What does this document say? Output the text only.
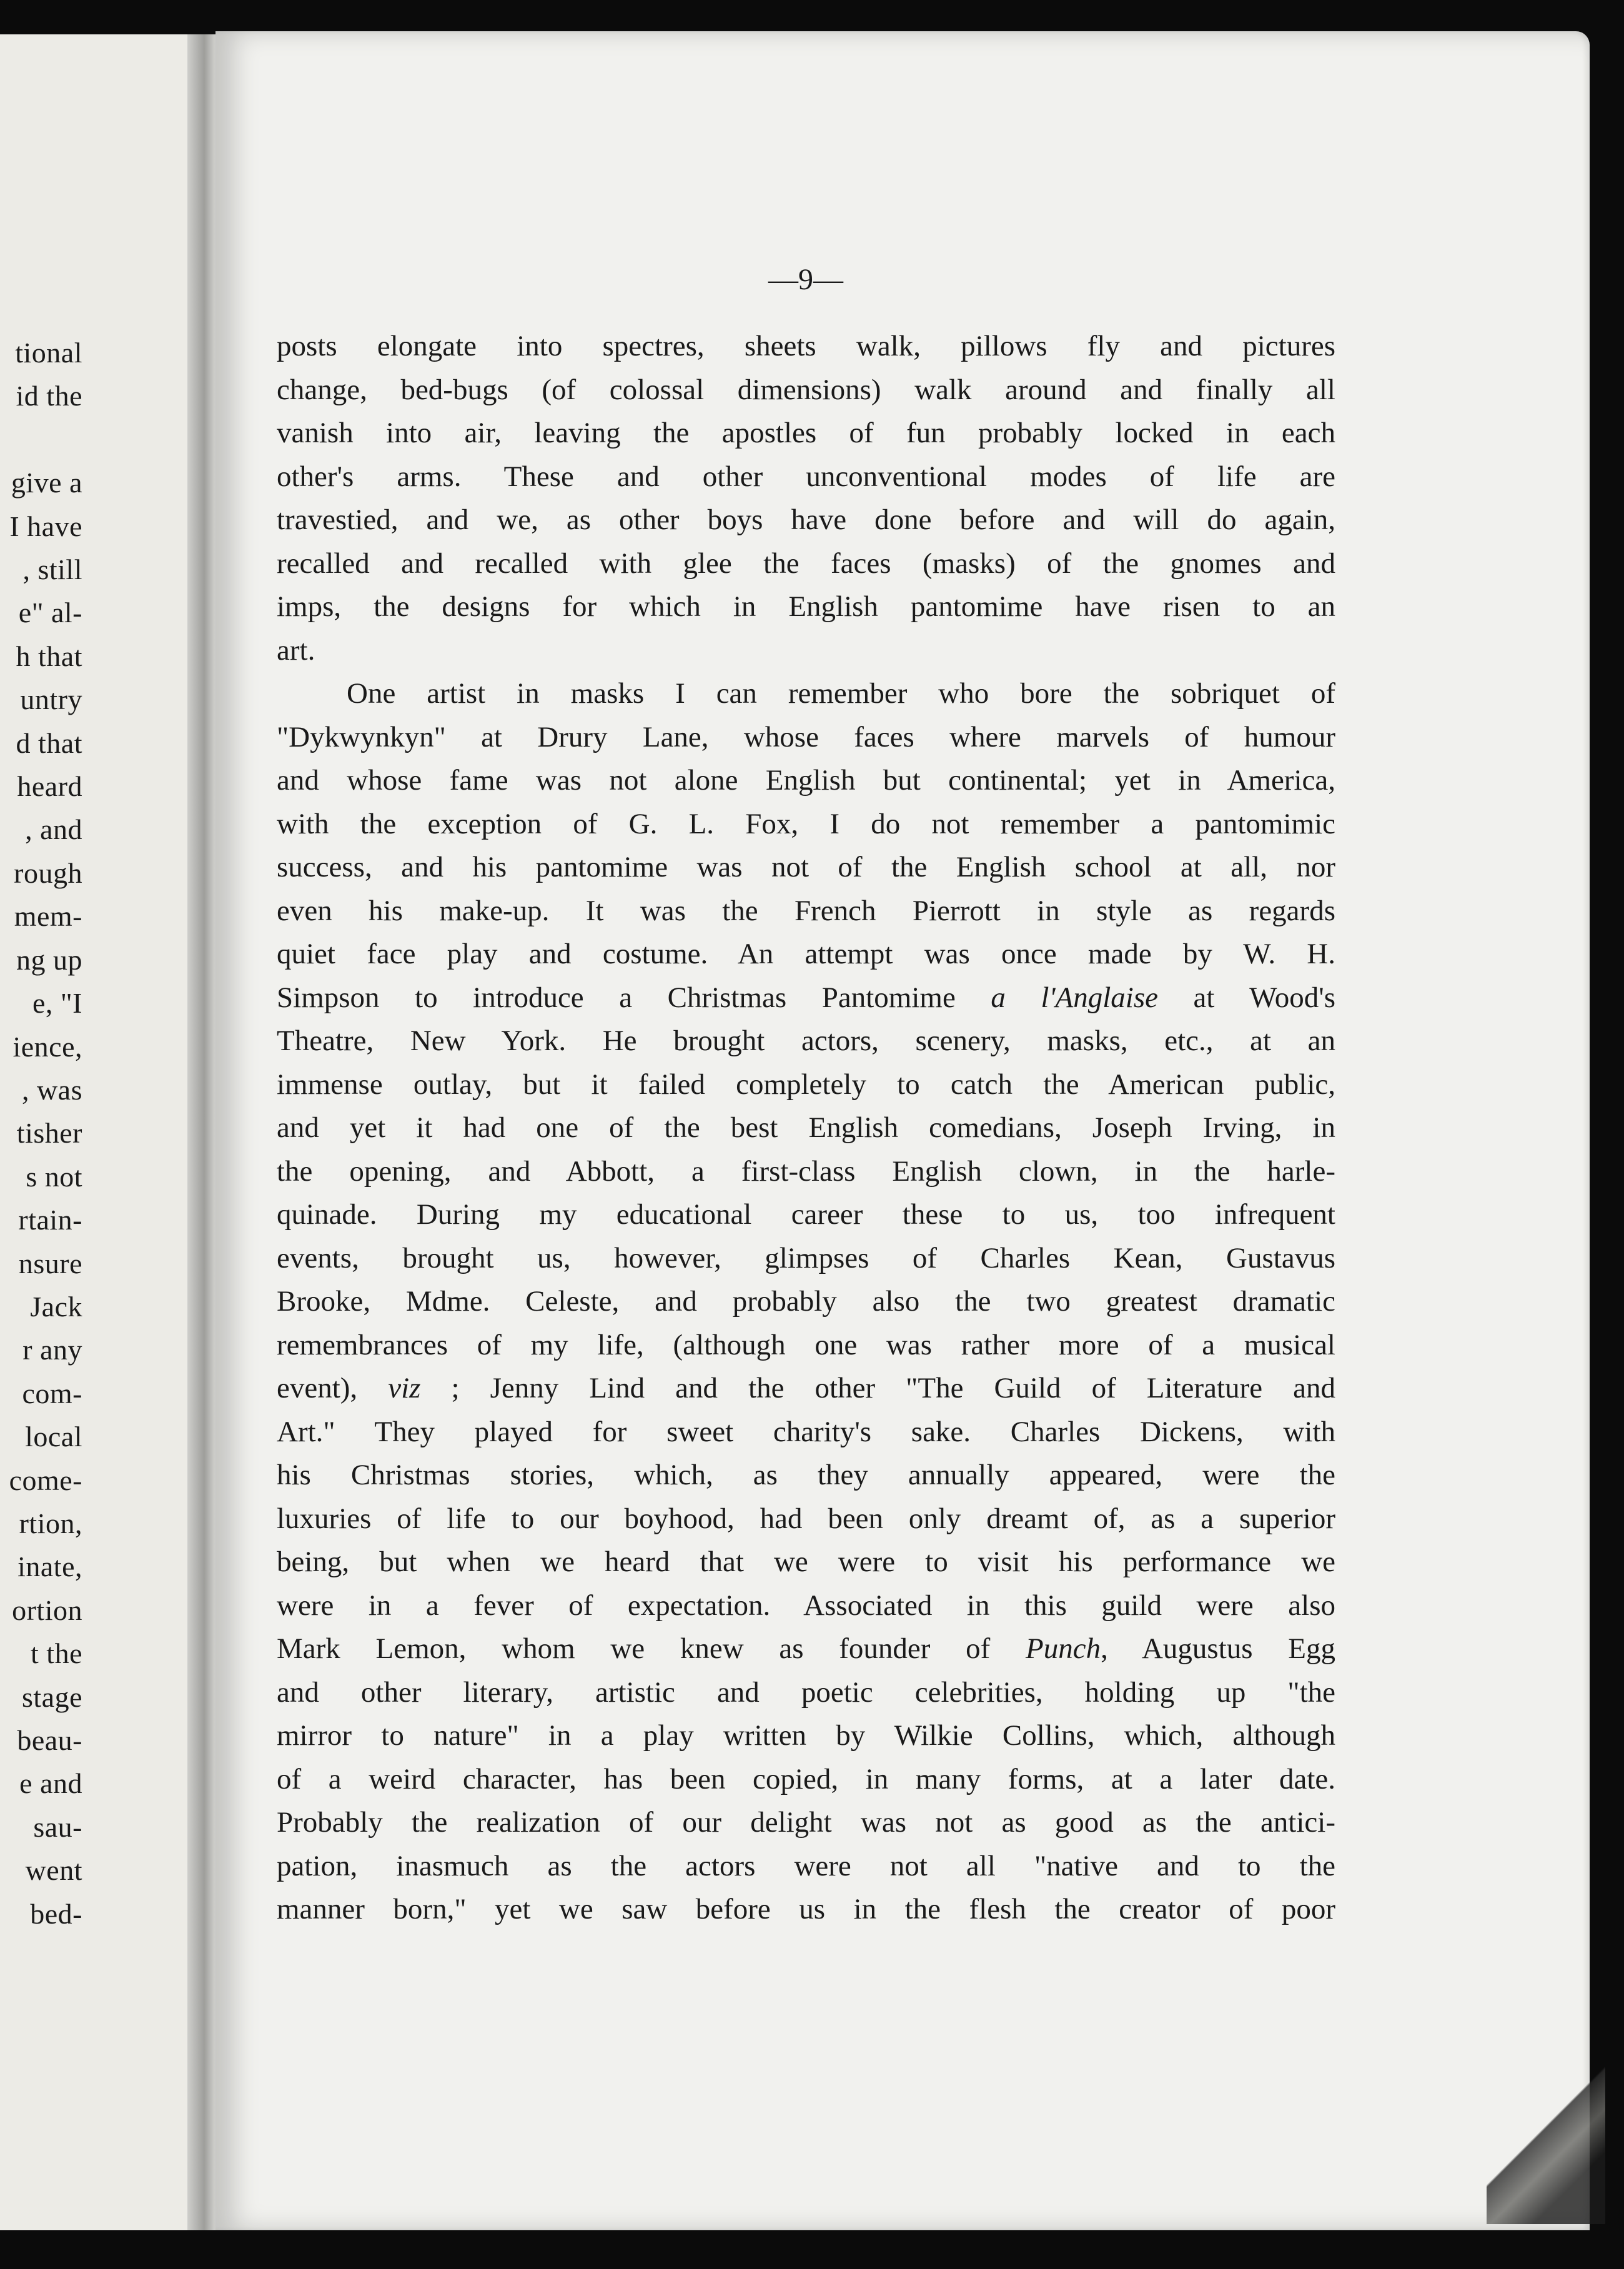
tional
id the

give a
I have
, still
e" al-
h that
untry
d that
heard
, and
rough
mem-
ng up
e, "I
ience,
, was
tisher
s not
rtain-
nsure
Jack
r any
com-
local
come-
rtion,
inate,
ortion
t the
stage
beau-
e and
sau-
went
bed-
—9—
posts elongate into spectres, sheets walk, pillows fly and pictures
change, bed-bugs (of colossal dimensions) walk around and finally all
vanish into air, leaving the apostles of fun probably locked in each
other's arms. These and other unconventional modes of life are
travestied, and we, as other boys have done before and will do again,
recalled and recalled with glee the faces (masks) of the gnomes and
imps, the designs for which in English pantomime have risen to an
art.
One artist in masks I can remember who bore the sobriquet of
"Dykwynkyn" at Drury Lane, whose faces where marvels of humour
and whose fame was not alone English but continental; yet in America,
with the exception of G. L. Fox, I do not remember a pantomimic
success, and his pantomime was not of the English school at all, nor
even his make-up. It was the French Pierrott in style as regards
quiet face play and costume. An attempt was once made by W. H.
Simpson to introduce a Christmas Pantomime a l'Anglaise at Wood's
Theatre, New York. He brought actors, scenery, masks, etc., at an
immense outlay, but it failed completely to catch the American public,
and yet it had one of the best English comedians, Joseph Irving, in
the opening, and Abbott, a first-class English clown, in the harle-
quinade. During my educational career these to us, too infrequent
events, brought us, however, glimpses of Charles Kean, Gustavus
Brooke, Mdme. Celeste, and probably also the two greatest dramatic
remembrances of my life, (although one was rather more of a musical
event), viz ; Jenny Lind and the other "The Guild of Literature and
Art." They played for sweet charity's sake. Charles Dickens, with
his Christmas stories, which, as they annually appeared, were the
luxuries of life to our boyhood, had been only dreamt of, as a superior
being, but when we heard that we were to visit his performance we
were in a fever of expectation. Associated in this guild were also
Mark Lemon, whom we knew as founder of Punch, Augustus Egg
and other literary, artistic and poetic celebrities, holding up "the
mirror to nature" in a play written by Wilkie Collins, which, although
of a weird character, has been copied, in many forms, at a later date.
Probably the realization of our delight was not as good as the antici-
pation, inasmuch as the actors were not all "native and to the
manner born," yet we saw before us in the flesh the creator of poor
